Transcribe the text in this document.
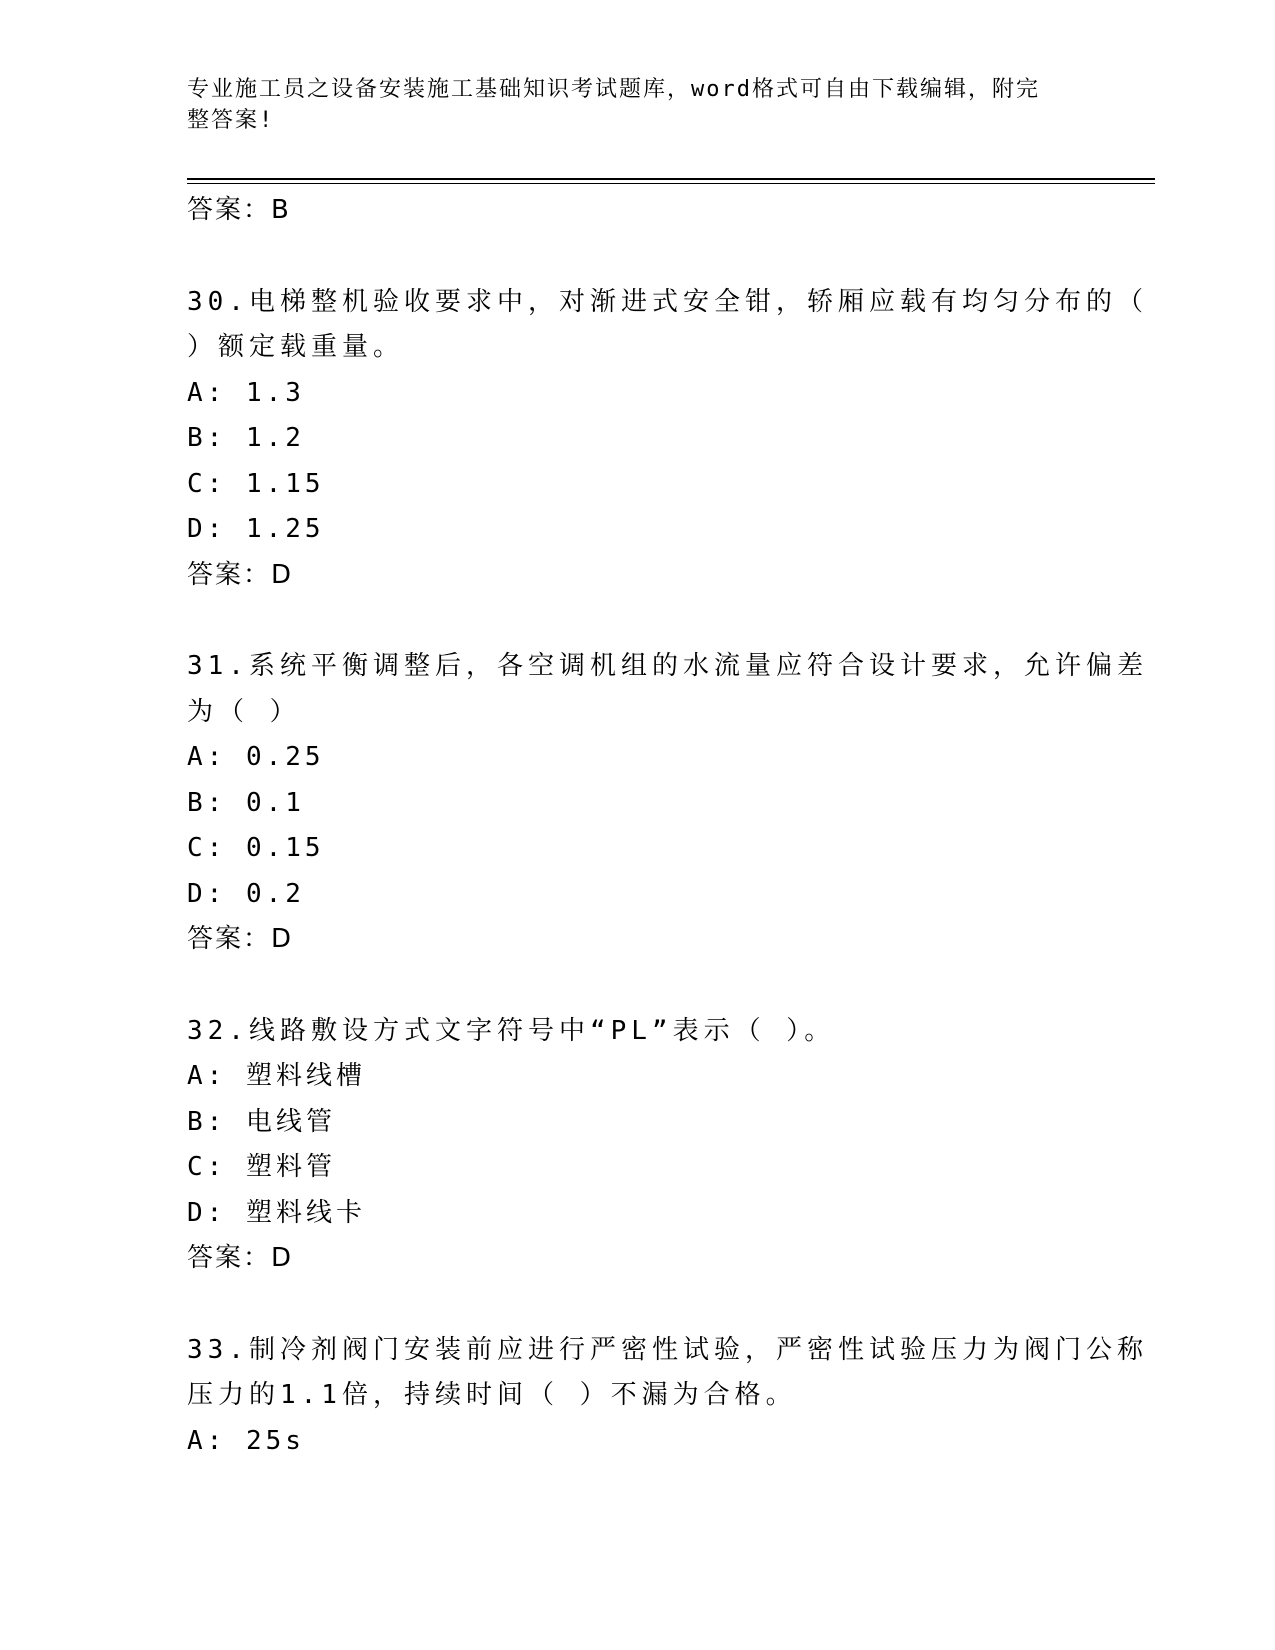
专业施工员之设备安装施工基础知识考试题库，word格式可自由下载编辑，附完
整答案!
答案：B
30.电梯整机验收要求中，对渐进式安全钳，轿厢应载有均匀分布的（
）额定载重量。
A: 1.3
B: 1.2
C: 1.15
D: 1.25
答案：D
31.系统平衡调整后，各空调机组的水流量应符合设计要求，允许偏差
为（ ）
A: 0.25
B: 0.1
C: 0.15
D: 0.2
答案：D
32.线路敷设方式文字符号中“PL”表示（ ）。
A: 塑料线槽
B: 电线管
C: 塑料管
D: 塑料线卡
答案：D
33.制冷剂阀门安装前应进行严密性试验，严密性试验压力为阀门公称
压力的1.1倍，持续时间（ ）不漏为合格。
A: 25s
